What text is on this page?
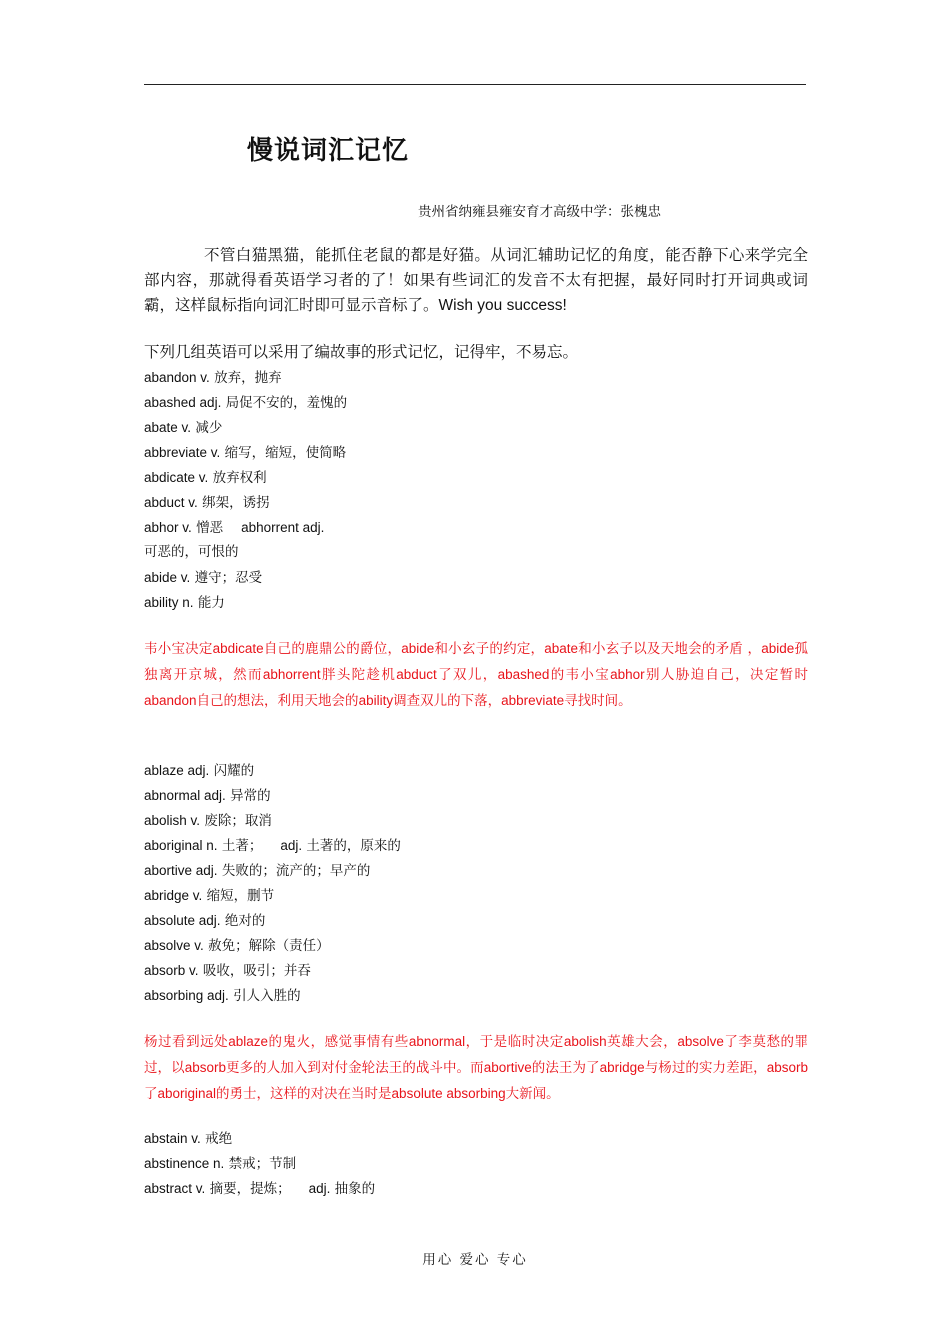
慢说词汇记忆
贵州省纳雍县雍安育才高级中学：张槐忠
不管白猫黑猫，能抓住老鼠的都是好猫。从词汇辅助记忆的角度，能否静下心来学完全部内容，那就得看英语学习者的了！如果有些词汇的发音不太有把握，最好同时打开词典或词霸，这样鼠标指向词汇时即可显示音标了。Wish you success!
下列几组英语可以采用了编故事的形式记忆，记得牢，不易忘。
abandon v. 放弃，抛弃
abashed adj. 局促不安的，羞愧的
abate v. 减少
abbreviate v. 缩写，缩短，使简略
abdicate v. 放弃权利
abduct v. 绑架，诱拐
abhor v. 憎恶 abhorrent adj.
可恶的，可恨的
abide v. 遵守；忍受
ability n. 能力
韦小宝决定abdicate自己的鹿鼎公的爵位，abide和小玄子的约定，abate和小玄子以及天地会的矛盾 ，abide孤独离开京城，然而abhorrent胖头陀趁机abduct了双儿，abashed的韦小宝abhor别人胁迫自己，决定暂时abandon自己的想法，利用天地会的ability调查双儿的下落，abbreviate寻找时间。
ablaze adj. 闪耀的
abnormal adj. 异常的
abolish v. 废除；取消
aboriginal n. 土著； adj. 土著的，原来的
abortive adj. 失败的；流产的；早产的
abridge v. 缩短，删节
absolute adj. 绝对的
absolve v. 赦免；解除（责任）
absorb v. 吸收，吸引；并吞
absorbing adj. 引人入胜的
杨过看到远处ablaze的鬼火，感觉事情有些abnormal，于是临时决定abolish英雄大会，absolve了李莫愁的罪过，以absorb更多的人加入到对付金轮法王的战斗中。而abortive的法王为了abridge与杨过的实力差距，absorb了aboriginal的勇士，这样的对决在当时是absolute absorbing大新闻。
abstain v. 戒绝
abstinence n. 禁戒；节制
abstract v. 摘要，提炼； adj. 抽象的
用心 爱心 专心
